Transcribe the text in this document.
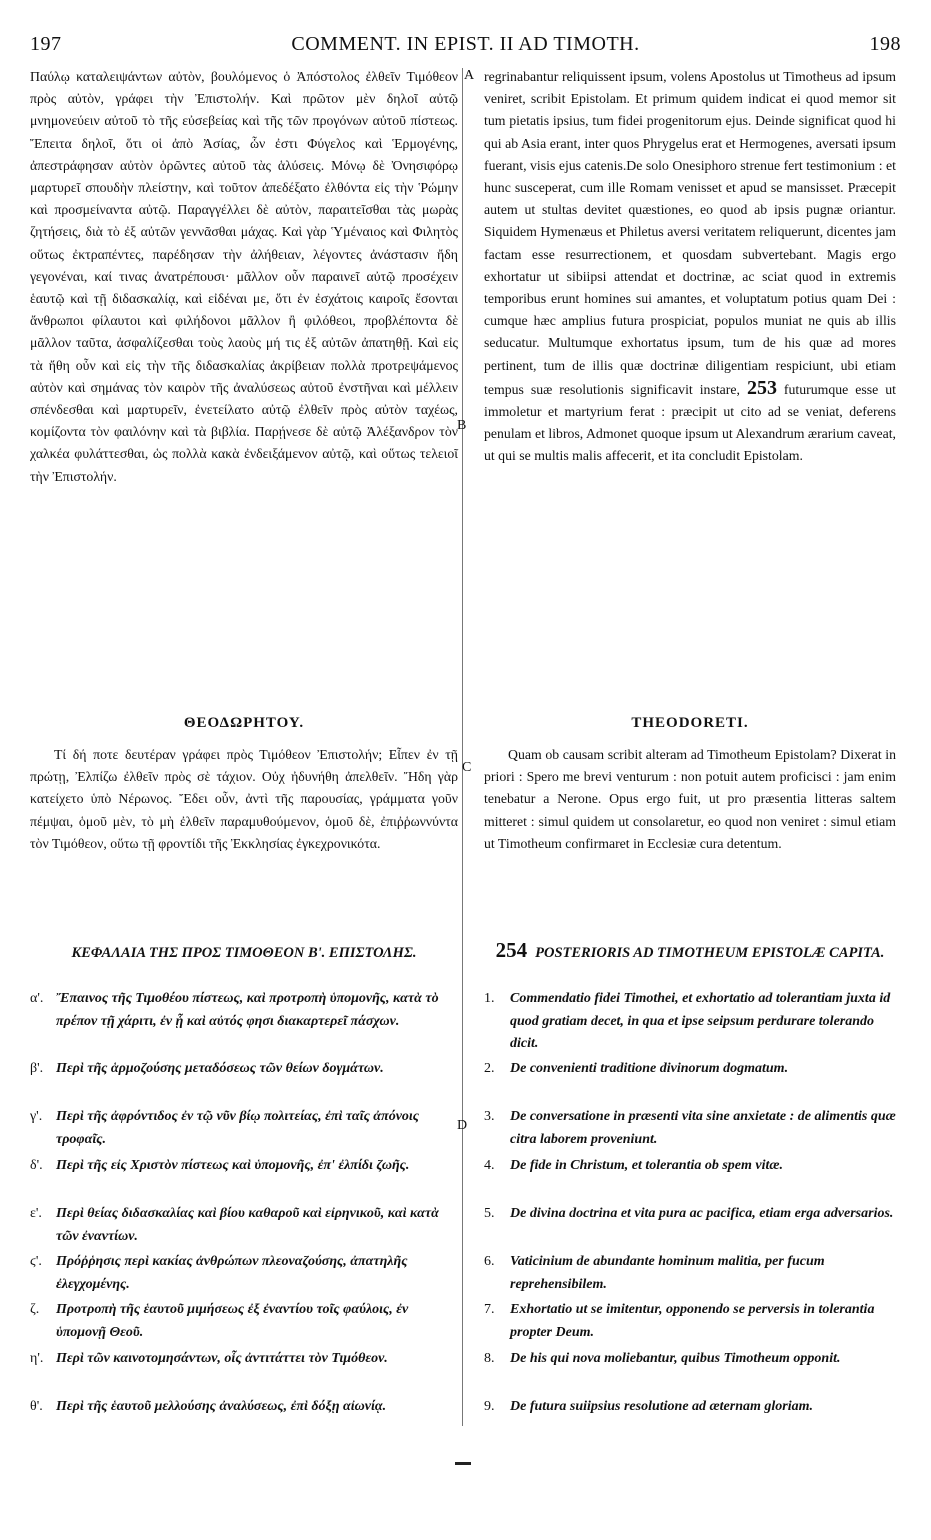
197	COMMENT. IN EPIST. II AD TIMOTH.	198
A
B
C
D

Παύλῳ καταλειψάντων αὐτὸν, βουλόμενος ὁ Ἀπόστολος ἐλθεῖν Τιμόθεον πρὸς αὐτὸν, γράφει τὴν Ἐπιστολήν. Καὶ πρῶτον μὲν δηλοῖ αὐτῷ μνημονεύειν αὐτοῦ τὸ τῆς εὐσεβείας καὶ τῆς τῶν προγόνων αὐτοῦ πίστεως. Ἔπειτα δηλοῖ, ὅτι οἱ ἀπὸ Ἀσίας, ὧν ἐστι Φύγελος καὶ Ἑρμογένης, ἀπεστράφησαν αὐτὸν ὁρῶντες αὐτοῦ τὰς ἁλύσεις. Μόνῳ δὲ Ὀνησιφόρῳ μαρτυρεῖ σπουδὴν πλείστην, καὶ τοῦτον ἀπεδέξατο ἐλθόντα εἰς τὴν Ῥώμην καὶ προσμείναντα αὐτῷ. Παραγγέλλει δὲ αὐτὸν, παραιτεῖσθαι τὰς μωρὰς ζητήσεις, διὰ τὸ ἐξ αὐτῶν γεννᾶσθαι μάχας. Καὶ γὰρ Ὑμέναιος καὶ Φιλητὸς οὕτως ἐκτραπέντες, παρέδησαν τὴν ἀλήθειαν, λέγοντες ἀνάστασιν ἤδη γεγονέναι, καί τινας ἀνατρέπουσι· μᾶλλον οὖν παραινεῖ αὐτῷ προσέχειν ἑαυτῷ καὶ τῇ διδασκαλίᾳ, καὶ εἰδέναι με, ὅτι ἐν ἐσχάτοις καιροῖς ἔσονται ἄνθρωποι φίλαυτοι καὶ φιλήδονοι μᾶλλον ἢ φιλόθεοι, προβλέποντα δὲ μᾶλλον ταῦτα, ἀσφαλίζεσθαι τοὺς λαοὺς μή τις ἐξ αὐτῶν ἀπατηθῇ. Καὶ εἰς τὰ ἤθη οὖν καὶ εἰς τὴν τῆς διδασκαλίας ἀκρίβειαν πολλὰ προτρεψάμενος αὐτὸν καὶ σημάνας τὸν καιρὸν τῆς ἀναλύσεως αὐτοῦ ἐνστῆναι καὶ μέλλειν σπένδεσθαι καὶ μαρτυρεῖν, ἐνετείλατο αὐτῷ ἐλθεῖν πρὸς αὐτὸν ταχέως, κομίζοντα τὸν φαιλόνην καὶ τὰ βιβλία. Παρῄνεσε δὲ αὐτῷ Ἀλέξανδρον τὸν χαλκέα φυλάττεσθαι, ὡς πολλὰ κακὰ ἐνδειξάμενον αὐτῷ, καὶ οὕτως τελειοῖ τὴν Ἐπιστολήν.

ΘΕΟΔΩΡΗΤΟΥ.

Τί δή ποτε δευτέραν γράφει πρὸς Τιμόθεον Ἐπιστολήν; Εἶπεν ἐν τῇ πρώτῃ, Ἐλπίζω ἐλθεῖν πρὸς σὲ τάχιον. Οὐχ ἠδυνήθη ἀπελθεῖν. Ἤδη γὰρ κατείχετο ὑπὸ Νέρωνος. Ἔδει οὖν, ἀντὶ τῆς παρουσίας, γράμματα γοῦν πέμψαι, ὁμοῦ μὲν, τὸ μὴ ἐλθεῖν παραμυθούμενον, ὁμοῦ δὲ, ἐπιῤῥωννύντα τὸν Τιμόθεον, οὕτω τῇ φροντίδι τῆς Ἐκκλησίας ἐγκεχρονικότα.

ΚΕΦΑΛΑΙΑ ΤΗΣ ΠΡΟΣ ΤΙΜΟΘΕΟΝ Β'. ΕΠΙΣΤΟΛΗΣ.

α'. Ἔπαινος τῆς Τιμοθέου πίστεως, καὶ προτροπὴ ὑπομονῆς, κατὰ τὸ πρέπον τῇ χάριτι, ἐν ᾗ καὶ αὐτός φησι διακαρτερεῖ πάσχων.
β'. Περὶ τῆς ἁρμοζούσης μεταδόσεως τῶν θείων δογμάτων.
γ'. Περὶ τῆς ἀφρόντιδος ἐν τῷ νῦν βίῳ πολιτείας, ἐπὶ ταῖς ἀπόνοις τροφαῖς.
δ'. Περὶ τῆς εἰς Χριστὸν πίστεως καὶ ὑπομονῆς, ἐπ' ἐλπίδι ζωῆς.
ε'.	Περὶ θείας διδασκαλίας καὶ βίου καθαροῦ καὶ εἰρηνικοῦ, καὶ κατὰ τῶν ἐναντίων.
ϛ'.	Πρόῤῥησις περὶ κακίας ἀνθρώπων πλεοναζούσης, ἀπατηλῆς ἐλεγχομένης.
ζ.	Προτροπὴ τῆς ἑαυτοῦ μιμήσεως ἐξ ἐναντίου τοῖς φαύλοις, ἐν ὑπομονῇ Θεοῦ.
η'. Περὶ τῶν καινοτομησάντων, οἷς ἀντιτάττει τὸν Τιμόθεον.
θ'. Περὶ τῆς ἑαυτοῦ μελλούσης ἀναλύσεως, ἐπὶ δόξῃ αἰωνίᾳ.

regrinabantur reliquissent ipsum, volens Apostolus ut Timotheus ad ipsum veniret, scribit Epistolam. Et primum quidem indicat ei quod memor sit tum pietatis ipsius, tum fidei progenitorum ejus. Deinde significat quod hi qui ab Asia erant, inter quos Phrygelus erat et Hermogenes, aversati ipsum fuerant, visis ejus catenis.De solo Onesiphoro strenue fert testimonium : et hunc susceperat, cum ille Romam venisset et apud se mansisset. Præcepit autem ut stultas devitet quæstiones, eo quod ab ipsis pugnæ oriantur. Siquidem Hymenæus et Philetus aversi veritatem reliquerunt, dicentes jam factam esse resurrectionem, et quosdam subvertebant. Magis ergo exhortatur ut sibiipsi attendat et doctrinæ, ac sciat quod in extremis temporibus erunt homines sui amantes, et voluptatum potius quam Dei : cumque hæc amplius futura prospiciat, populos muniat ne quis ab illis seducatur. Multumque exhortatus ipsum, tum de his quæ ad mores pertinent, tum de illis quæ doctrinæ diligentiam respiciunt, ubi etiam tempus suæ resolutionis significavit instare, 253 futurumque esse ut immoletur et martyrium ferat : præcipit ut cito ad se veniat, deferens penulam et libros, Admonet quoque ipsum ut Alexandrum ærarium caveat, ut qui se multis malis affecerit, et ita concludit Epistolam.

THEODORETI.

Quam ob causam scribit alteram ad Timotheum Epistolam? Dixerat in priori : Spero me brevi venturum : non potuit autem proficisci : jam enim tenebatur a Nerone. Opus ergo fuit, ut pro præsentia litteras saltem mitteret : simul quidem ut consolaretur, eo quod non veniret : simul etiam ut Timotheum confirmaret in Ecclesiæ cura detentum.

254 POSTERIORIS AD TIMOTHEUM EPISTOLÆ CAPITA.

1.	Commendatio fidei Timothei, et exhortatio ad tolerantiam juxta id quod gratiam decet, in qua et ipse seipsum perdurare tolerando dicit.
2.	De convenienti traditione divinorum dogmatum.
3.	De conversatione in præsenti vita sine anxietate : de alimentis quæ citra laborem proveniunt.
4.	De fide in Christum, et tolerantia ob spem vitæ.
5.	De divina doctrina et vita pura ac pacifica, etiam erga adversarios.
6.	Vaticinium de abundante hominum malitia, per fucum reprehensibilem.
7.	Exhortatio ut se imitentur, opponendo se perversis in tolerantia propter Deum.
8.	De his qui nova moliebantur, quibus Timotheum opponit.
9.	De futura suiipsius resolutione ad æternam gloriam.
